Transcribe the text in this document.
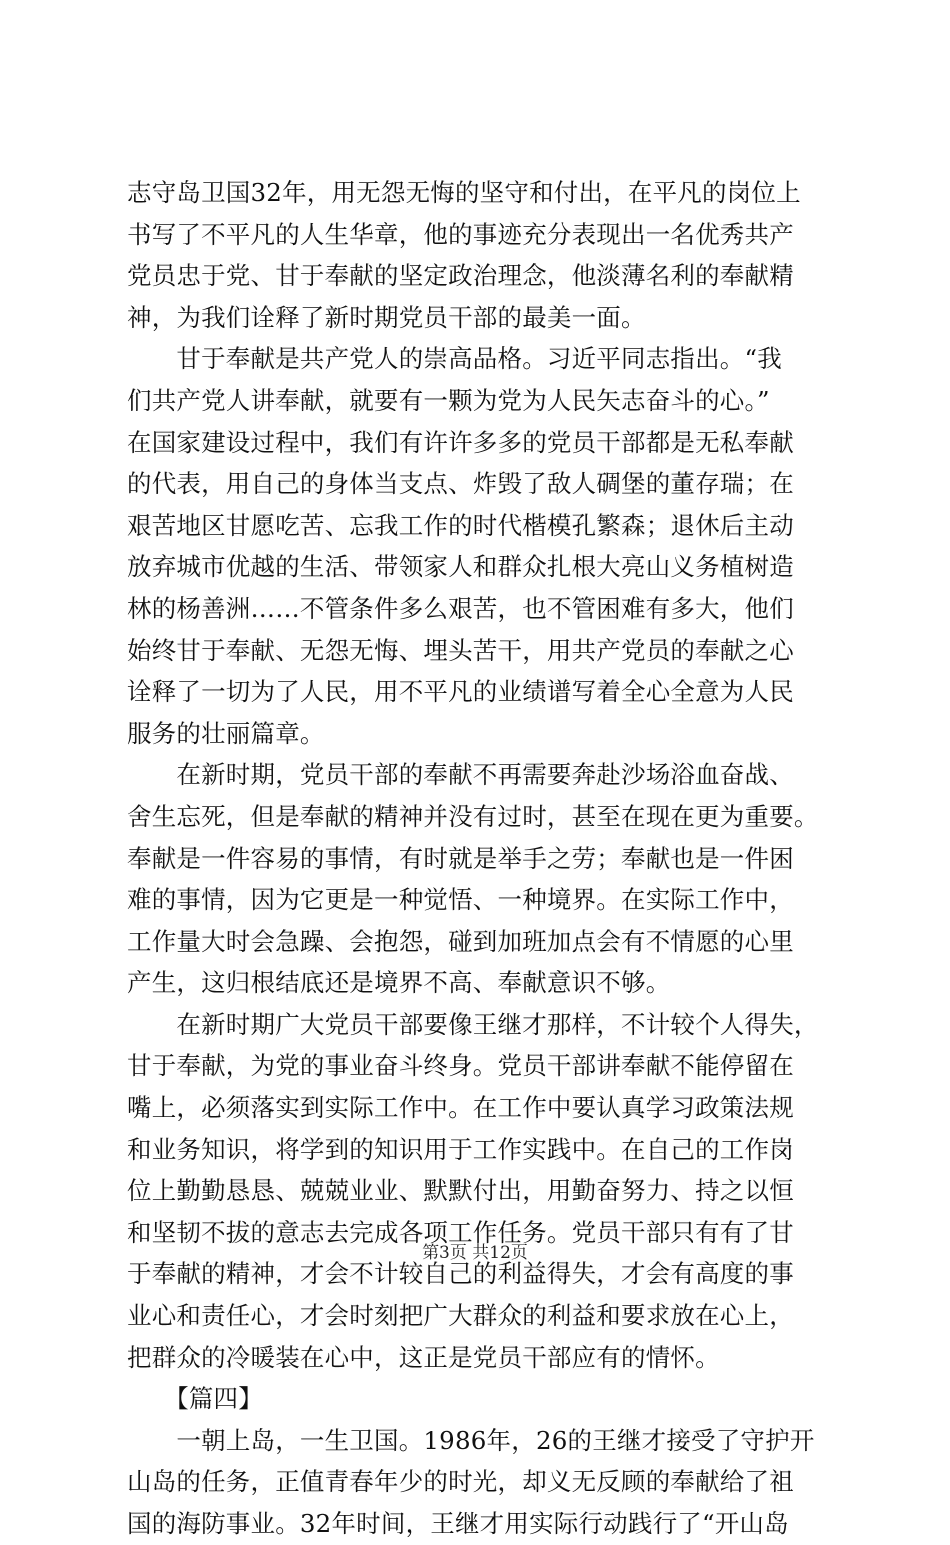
志守岛卫国32年，用无怨无悔的坚守和付出，在平凡的岗位上
书写了不平凡的人生华章，他的事迹充分表现出一名优秀共产
党员忠于党、甘于奉献的坚定政治理念，他淡薄名利的奉献精
神，为我们诠释了新时期党员干部的最美一面。
　　甘于奉献是共产党人的崇高品格。习近平同志指出。“我
们共产党人讲奉献，就要有一颗为党为人民矢志奋斗的心。”
在国家建设过程中，我们有许许多多的党员干部都是无私奉献
的代表，用自己的身体当支点、炸毁了敌人碉堡的董存瑞；在
艰苦地区甘愿吃苦、忘我工作的时代楷模孔繁森；退休后主动
放弃城市优越的生活、带领家人和群众扎根大亮山义务植树造
林的杨善洲……不管条件多么艰苦，也不管困难有多大，他们
始终甘于奉献、无怨无悔、埋头苦干，用共产党员的奉献之心
诠释了一切为了人民，用不平凡的业绩谱写着全心全意为人民
服务的壮丽篇章。
　　在新时期，党员干部的奉献不再需要奔赴沙场浴血奋战、
舍生忘死，但是奉献的精神并没有过时，甚至在现在更为重要。
奉献是一件容易的事情，有时就是举手之劳；奉献也是一件困
难的事情，因为它更是一种觉悟、一种境界。在实际工作中，
工作量大时会急躁、会抱怨，碰到加班加点会有不情愿的心里
产生，这归根结底还是境界不高、奉献意识不够。
　　在新时期广大党员干部要像王继才那样，不计较个人得失，
甘于奉献，为党的事业奋斗终身。党员干部讲奉献不能停留在
嘴上，必须落实到实际工作中。在工作中要认真学习政策法规
和业务知识，将学到的知识用于工作实践中。在自己的工作岗
位上勤勤恳恳、兢兢业业、默默付出，用勤奋努力、持之以恒
和坚韧不拔的意志去完成各项工作任务。党员干部只有有了甘
于奉献的精神，才会不计较自己的利益得失，才会有高度的事
业心和责任心，才会时刻把广大群众的利益和要求放在心上，
把群众的冷暖装在心中，这正是党员干部应有的情怀。
　　【篇四】
　　一朝上岛，一生卫国。1986年，26的王继才接受了守护开
山岛的任务，正值青春年少的时光，却义无反顾的奉献给了祖
国的海防事业。32年时间，王继才用实际行动践行了“开山岛
第3页 共12页
